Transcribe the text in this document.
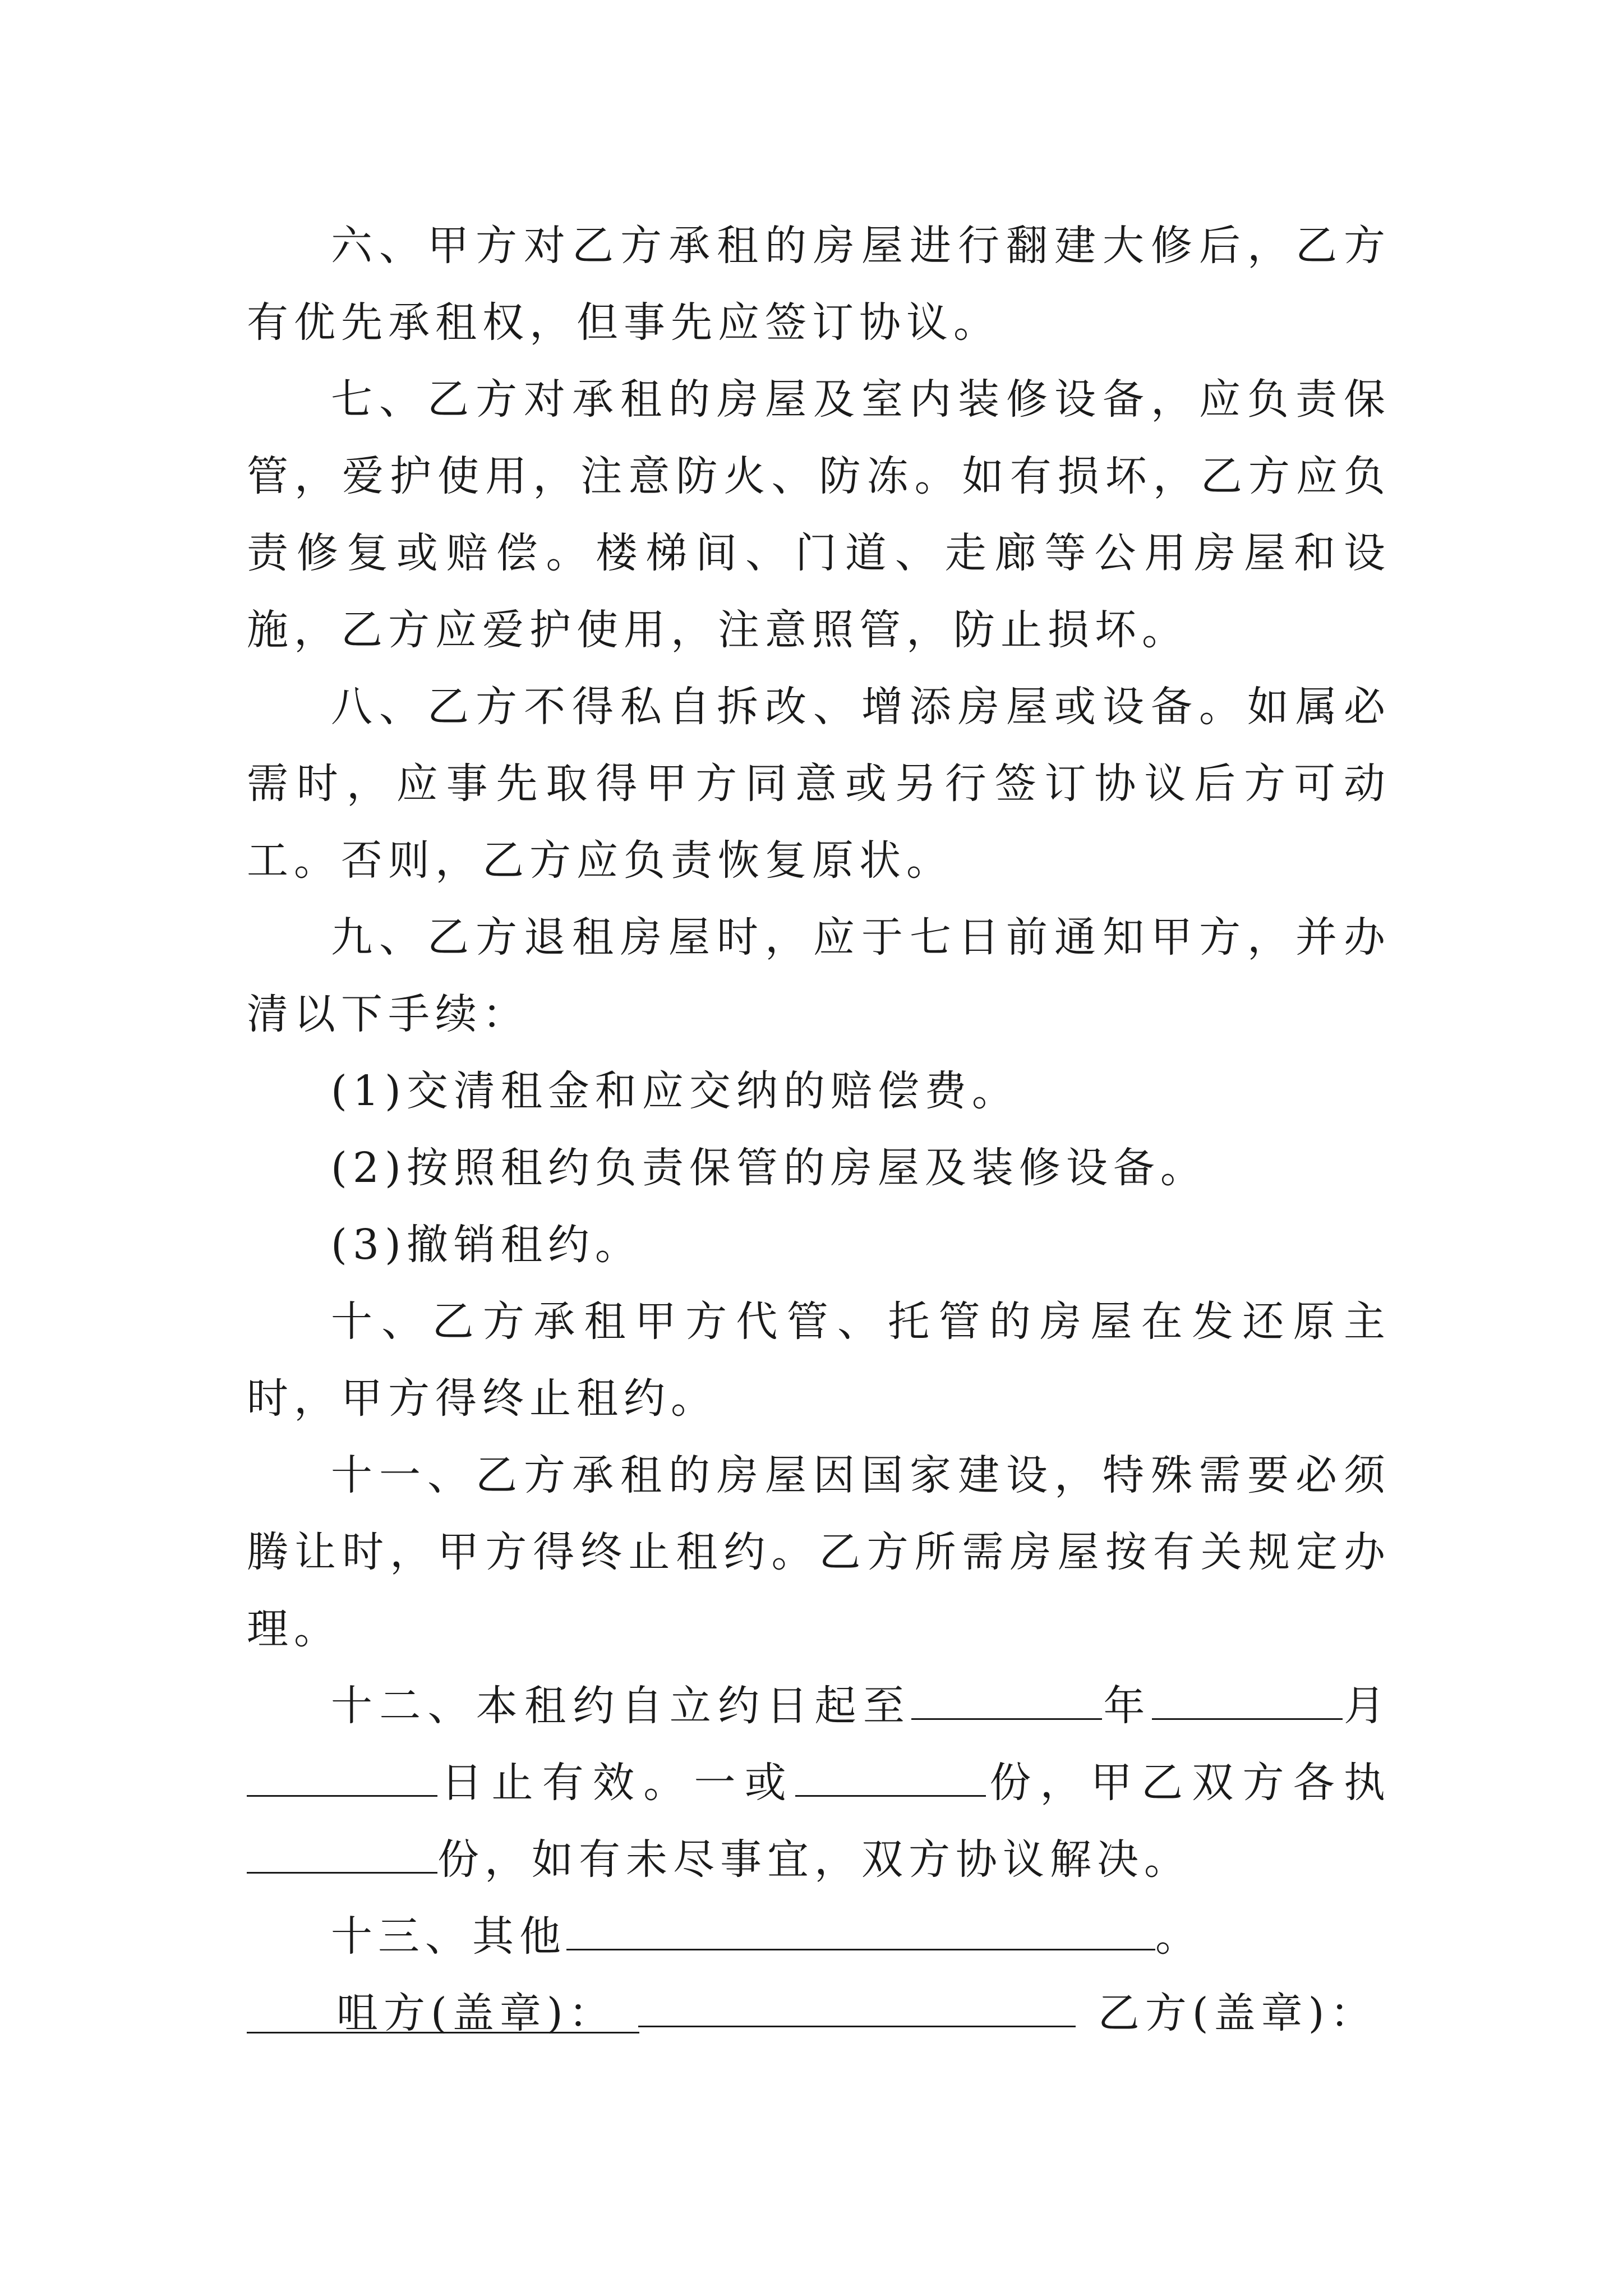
六、甲方对乙方承租的房屋进行翻建大修后，乙方有优先承租权，但事先应签订协议。

七、乙方对承租的房屋及室内装修设备，应负责保管，爱护使用，注意防火、防冻。如有损坏，乙方应负责修复或赔偿。楼梯间、门道、走廊等公用房屋和设施，乙方应爱护使用，注意照管，防止损坏。

八、乙方不得私自拆改、增添房屋或设备。如属必需时，应事先取得甲方同意或另行签订协议后方可动工。否则，乙方应负责恢复原状。

九、乙方退租房屋时，应于七日前通知甲方，并办清以下手续：

(1)交清租金和应交纳的赔偿费。

(2)按照租约负责保管的房屋及装修设备。

(3)撤销租约。

十、乙方承租甲方代管、托管的房屋在发还原主时，甲方得终止租约。

十一、乙方承租的房屋因国家建设，特殊需要必须腾让时，甲方得终止租约。乙方所需房屋按有关规定办理。

十二、本租约自立约日起至	年	月日止有效。一或	份，甲乙双方各执份，如有未尽事宜，双方协议解决。

十三、其他	。

咀方(盖章)：	乙方(盖章)：
